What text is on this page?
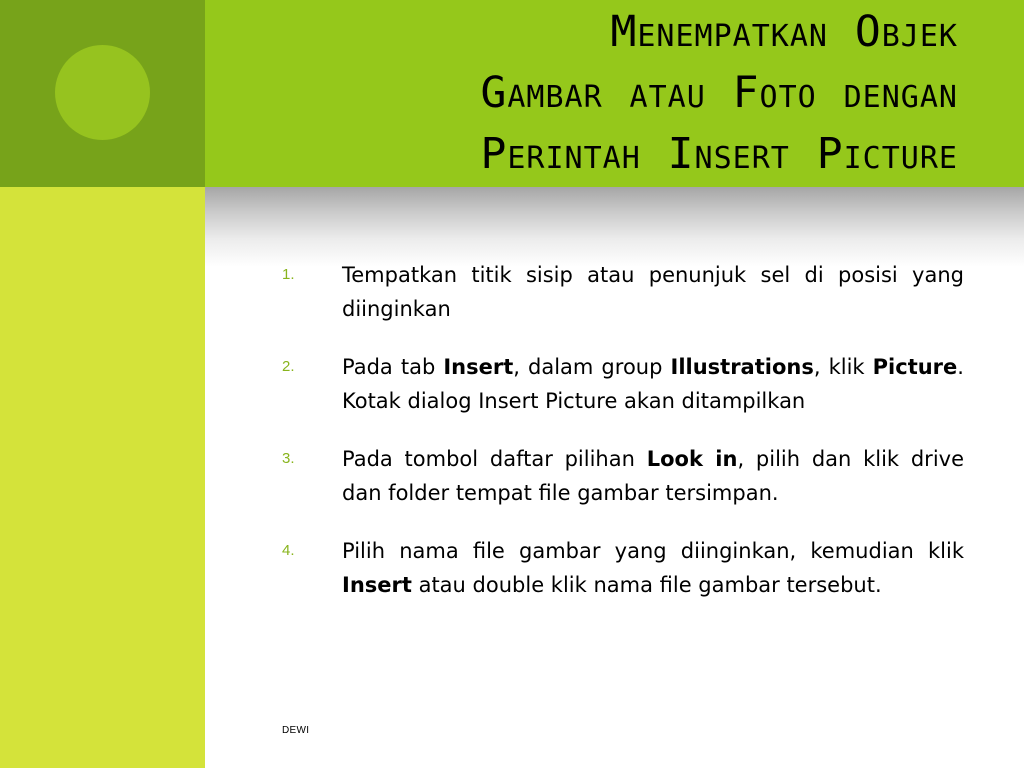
Menempatkan Objek
Gambar atau Foto dengan
Perintah Insert Picture
1.	Tempatkan titik sisip atau penunjuk sel di posisi yang diinginkan
2.	Pada tab Insert, dalam group Illustrations, klik Picture. Kotak dialog Insert Picture akan ditampilkan
3.	Pada tombol daftar pilihan Look in, pilih dan klik drive dan folder tempat file gambar tersimpan.
4.	Pilih nama file gambar yang diinginkan, kemudian klik Insert atau double klik nama file gambar tersebut.
DEWI
